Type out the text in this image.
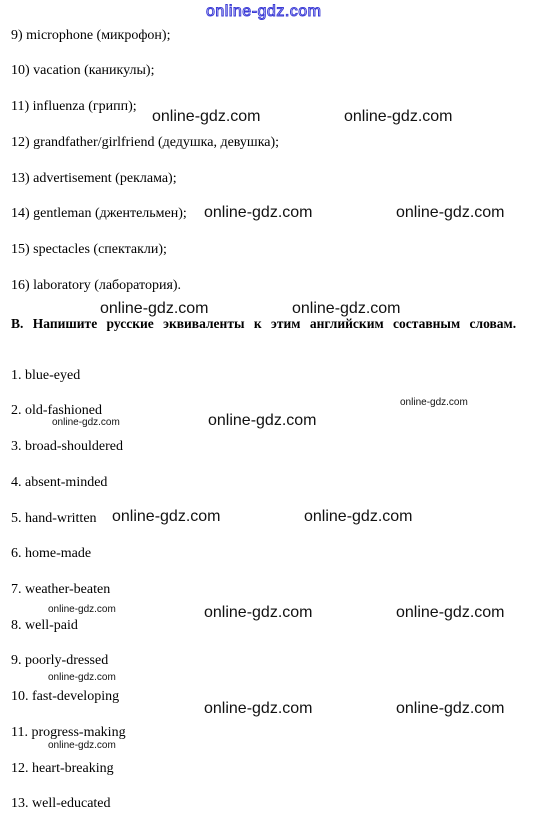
online-gdz.com
9) microphone (микрофон);
10) vacation (каникулы);
11) influenza (грипп);
12) grandfather/girlfriend (дедушка, девушка);
13) advertisement (реклама);
14) gentleman (джентельмен);
15) spectacles (спектакли);
16) laboratory (лаборатория).
B. Напишите русские эквиваленты к этим английским составным словам.
1. blue-eyed
2. old-fashioned
3. broad-shouldered
4. absent-minded
5. hand-written
6. home-made
7. weather-beaten
8. well-paid
9. poorly-dressed
10. fast-developing
11. progress-making
12. heart-breaking
13. well-educated
online-gdz.com	online-gdz.com
online-gdz.com	online-gdz.com
online-gdz.com	online-gdz.com
online-gdz.com
online-gdz.com	online-gdz.com
online-gdz.com	online-gdz.com
online-gdz.com	online-gdz.com	online-gdz.com
online-gdz.com
online-gdz.com	online-gdz.com
online-gdz.com
